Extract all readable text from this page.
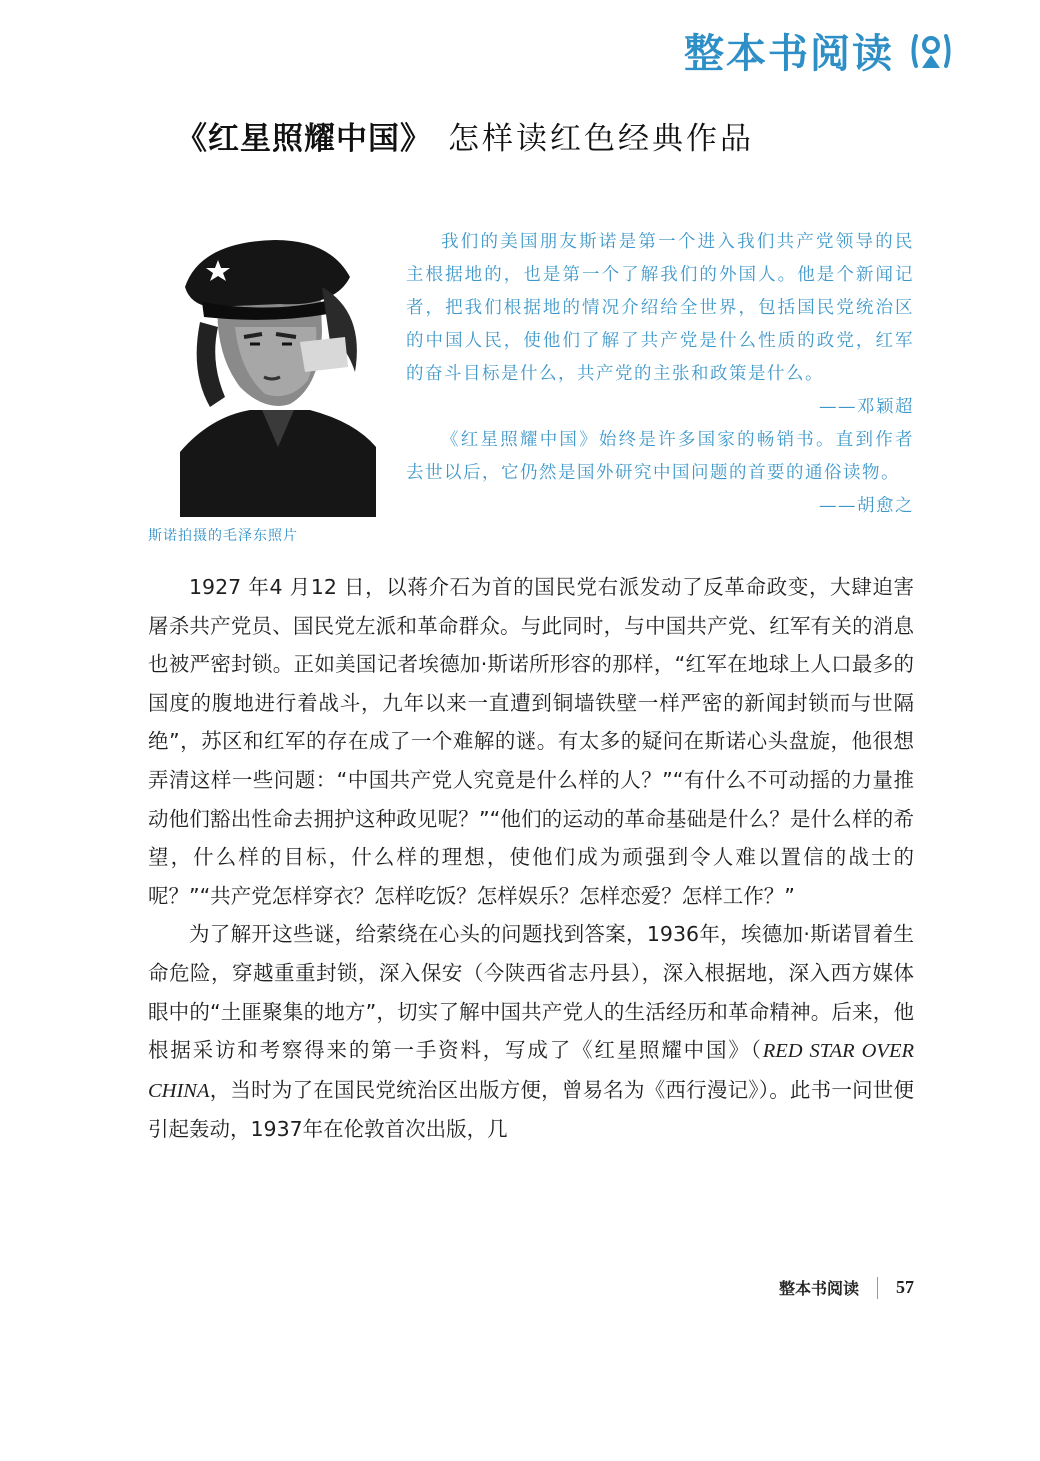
整本书阅读
《红星照耀中国》 怎样读红色经典作品
斯诺拍摄的毛泽东照片

我们的美国朋友斯诺是第一个进入我们共产党领导的民主根据地的，也是第一个了解我们的外国人。他是个新闻记者，把我们根据地的情况介绍给全世界，包括国民党统治区的中国人民，使他们了解了共产党是什么性质的政党，红军的奋斗目标是什么，共产党的主张和政策是什么。

——邓颖超

《红星照耀中国》始终是许多国家的畅销书。直到作者去世以后，它仍然是国外研究中国问题的首要的通俗读物。

——胡愈之

1927 年4 月12 日，以蒋介石为首的国民党右派发动了反革命政变，大肆迫害屠杀共产党员、国民党左派和革命群众。与此同时，与中国共产党、红军有关的消息也被严密封锁。正如美国记者埃德加·斯诺所形容的那样，“红军在地球上人口最多的国度的腹地进行着战斗，九年以来一直遭到铜墙铁壁一样严密的新闻封锁而与世隔绝”，苏区和红军的存在成了一个难解的谜。有太多的疑问在斯诺心头盘旋，他很想弄清这样一些问题：“中国共产党人究竟是什么样的人？”“有什么不可动摇的力量推动他们豁出性命去拥护这种政见呢？”“他们的运动的革命基础是什么？是什么样的希望，什么样的目标，什么样的理想，使他们成为顽强到令人难以置信的战士的呢？”“共产党怎样穿衣？怎样吃饭？怎样娱乐？怎样恋爱？怎样工作？”

为了解开这些谜，给萦绕在心头的问题找到答案，1936年，埃德加·斯诺冒着生命危险，穿越重重封锁，深入保安（今陕西省志丹县），深入根据地，深入西方媒体眼中的“土匪聚集的地方”，切实了解中国共产党人的生活经历和革命精神。后来，他根据采访和考察得来的第一手资料，写成了《红星照耀中国》（RED STAR OVER CHINA，当时为了在国民党统治区出版方便，曾易名为《西行漫记》）。此书一问世便引起轰动，1937年在伦敦首次出版，几

整本书阅读 57
